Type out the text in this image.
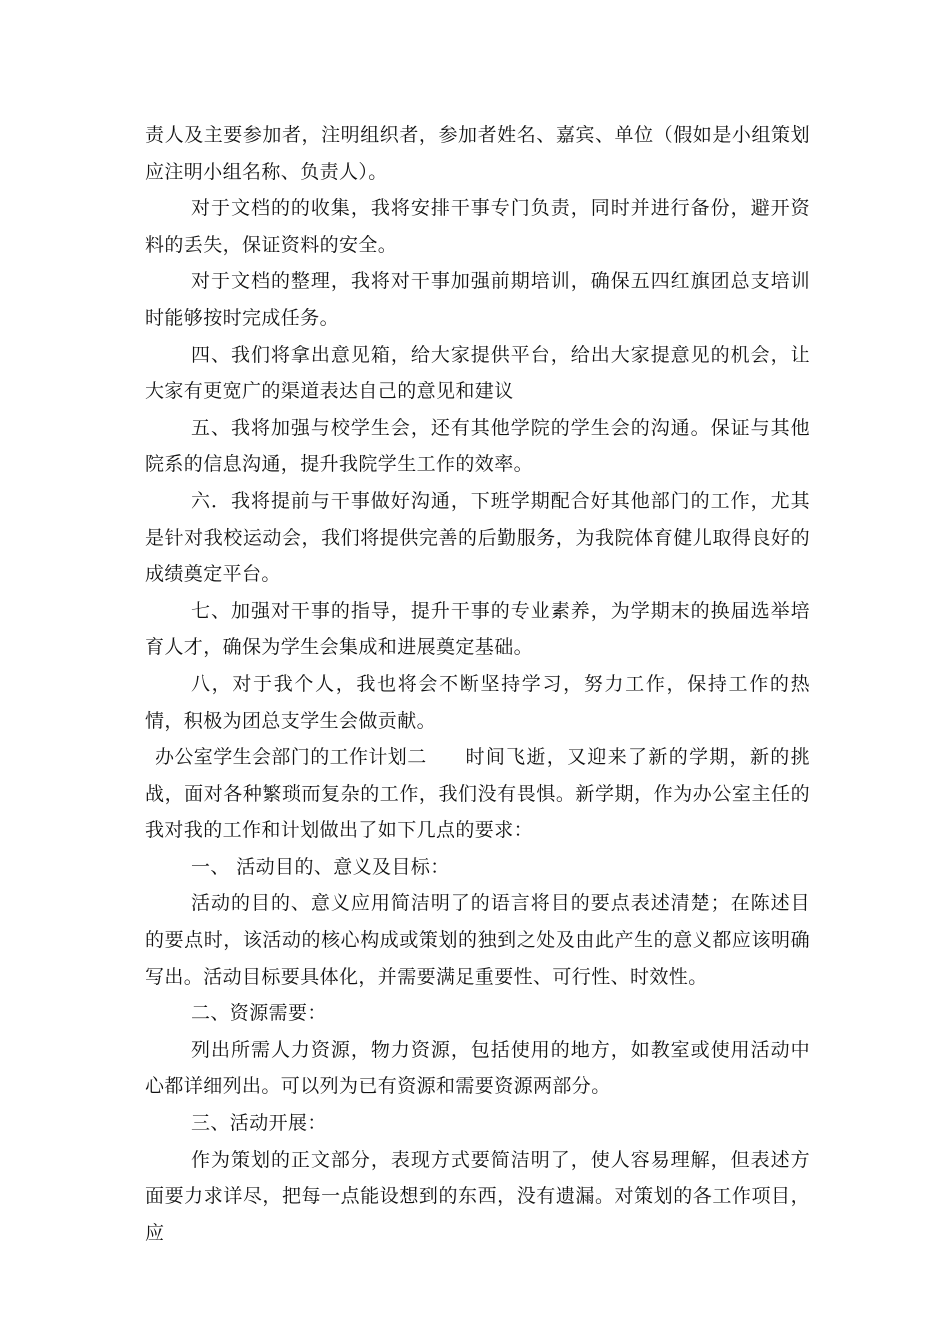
责人及主要参加者，注明组织者，参加者姓名、嘉宾、单位（假如是小组策划应注明小组名称、负责人）。

对于文档的的收集，我将安排干事专门负责，同时并进行备份，避开资料的丢失，保证资料的安全。

对于文档的整理，我将对干事加强前期培训，确保五四红旗团总支培训时能够按时完成任务。

四、我们将拿出意见箱，给大家提供平台，给出大家提意见的机会，让大家有更宽广的渠道表达自己的意见和建议

五、我将加强与校学生会，还有其他学院的学生会的沟通。保证与其他院系的信息沟通，提升我院学生工作的效率。

六．我将提前与干事做好沟通，下班学期配合好其他部门的工作，尤其是针对我校运动会，我们将提供完善的后勤服务，为我院体育健儿取得良好的成绩奠定平台。

七、加强对干事的指导，提升干事的专业素养，为学期末的换届选举培育人才，确保为学生会集成和进展奠定基础。

八，对于我个人，我也将会不断坚持学习，努力工作，保持工作的热情，积极为团总支学生会做贡献。

办公室学生会部门的工作计划二 时间飞逝，又迎来了新的学期，新的挑战，面对各种繁琐而复杂的工作，我们没有畏惧。新学期，作为办公室主任的我对我的工作和计划做出了如下几点的要求：

一、 活动目的、意义及目标：

活动的目的、意义应用简洁明了的语言将目的要点表述清楚；在陈述目的要点时，该活动的核心构成或策划的独到之处及由此产生的意义都应该明确写出。活动目标要具体化，并需要满足重要性、可行性、时效性。

二、资源需要：

列出所需人力资源，物力资源，包括使用的地方，如教室或使用活动中心都详细列出。可以列为已有资源和需要资源两部分。

三、活动开展：

作为策划的正文部分，表现方式要简洁明了，使人容易理解，但表述方面要力求详尽，把每一点能设想到的东西，没有遗漏。对策划的各工作项目，应
